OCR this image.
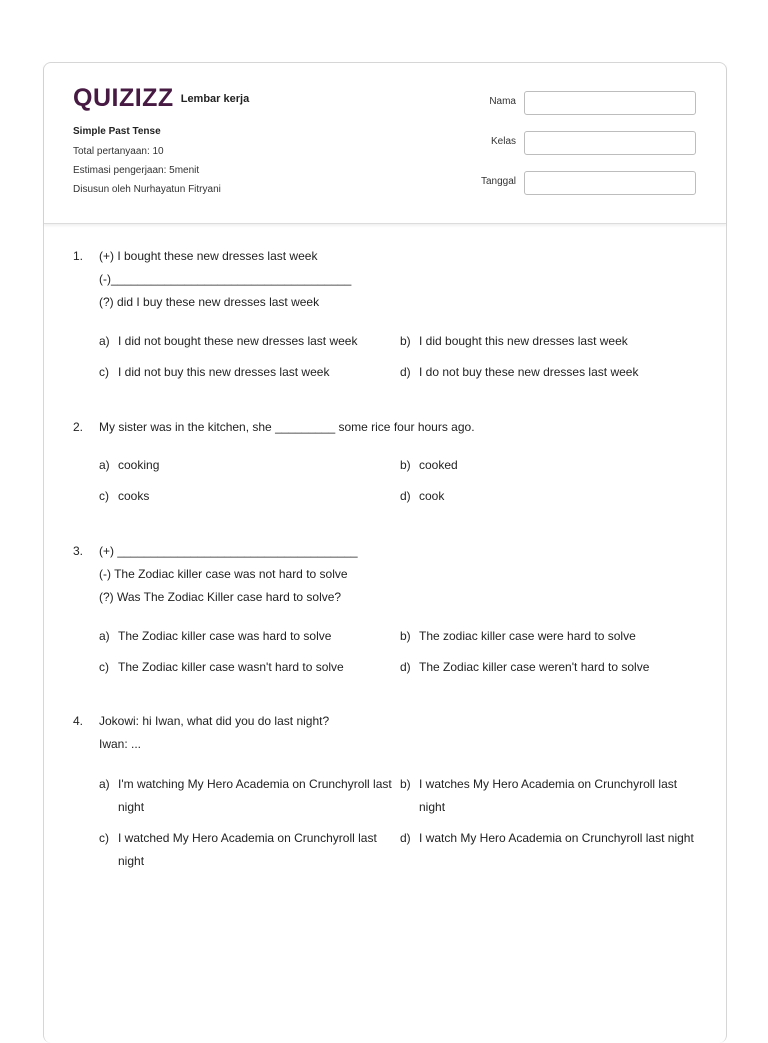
QUIZIZZ Lembar kerja
Simple Past Tense
Total pertanyaan: 10
Estimasi pengerjaan: 5menit
Disusun oleh Nurhayatun Fitryani
Nama
Kelas
Tanggal
1. (+) I bought these new dresses last week
(-)____________________________________
(?) did I buy these new dresses last week
a) I did not bought these new dresses last week	b) I did bought this new dresses last week
c) I did not buy this new dresses last week	d) I do not buy these new dresses last week
2. My sister was in the kitchen, she _________ some rice four hours ago.
a) cooking	b) cooked
c) cooks	d) cook
3. (+) ____________________________________
(-) The Zodiac killer case was not hard to solve
(?) Was The Zodiac Killer case hard to solve?
a) The Zodiac killer case was hard to solve	b) The zodiac killer case were hard to solve
c) The Zodiac killer case wasn't hard to solve	d) The Zodiac killer case weren't hard to solve
4. Jokowi: hi Iwan, what did you do last night?
Iwan: ...
a) I'm watching My Hero Academia on Crunchyroll last night
b) I watches My Hero Academia on Crunchyroll last night
c) I watched My Hero Academia on Crunchyroll last night
d) I watch My Hero Academia on Crunchyroll last night
